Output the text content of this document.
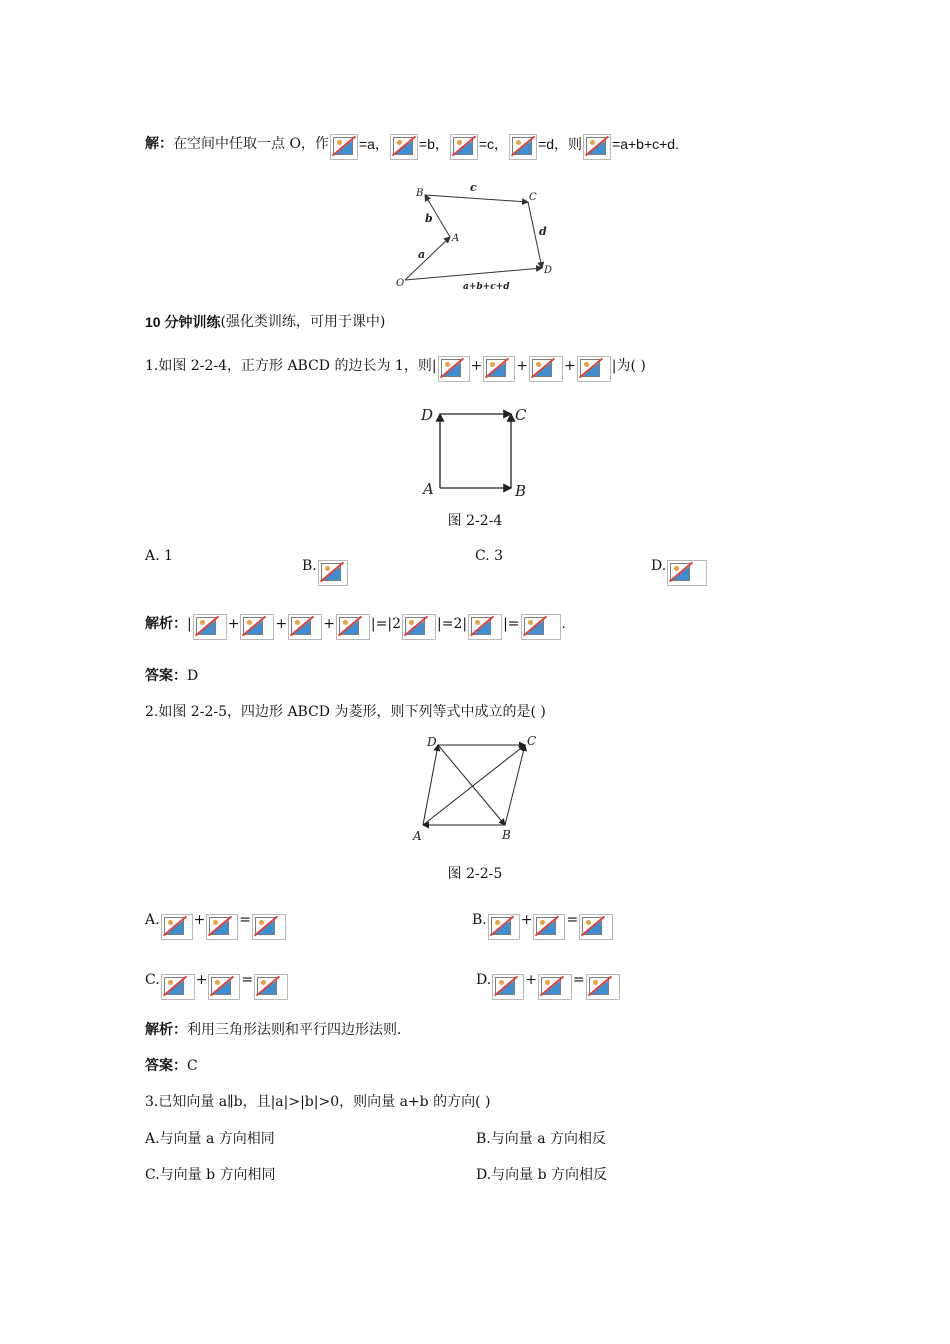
解： 在空间中任取一点 O，作 =a， =b， =c， =d，则 =a+b+c+d.
B	c
C
b
A
d
a
D
O	a+b+c+d
10 分钟训练 (强化类训练，可用于课中)
1.如图 2-2-4，正方形 ABCD 的边长为 1，则| + +	+	|为( )
D	C
A	B
图 2-2-4
A. 1
B.
C. 3
D.
解析： |	+	+	+	|=|2	|=2|	|=	.
答案： D
2.如图 2-2-5，四边形 ABCD 为菱形，则下列等式中成立的是( )
D	C
A	B
图 2-2-5
A. + =	B. + =
C.	+ =	D. +	=
解析： 利用三角形法则和平行四边形法则.
答案： C
3.已知向量 a∥b，且|a|>|b|>0，则向量 a+b 的方向( )
A.与向量 a 方向相同	B.与向量 a 方向相反
C.与向量 b 方向相同	D.与向量 b 方向相反
